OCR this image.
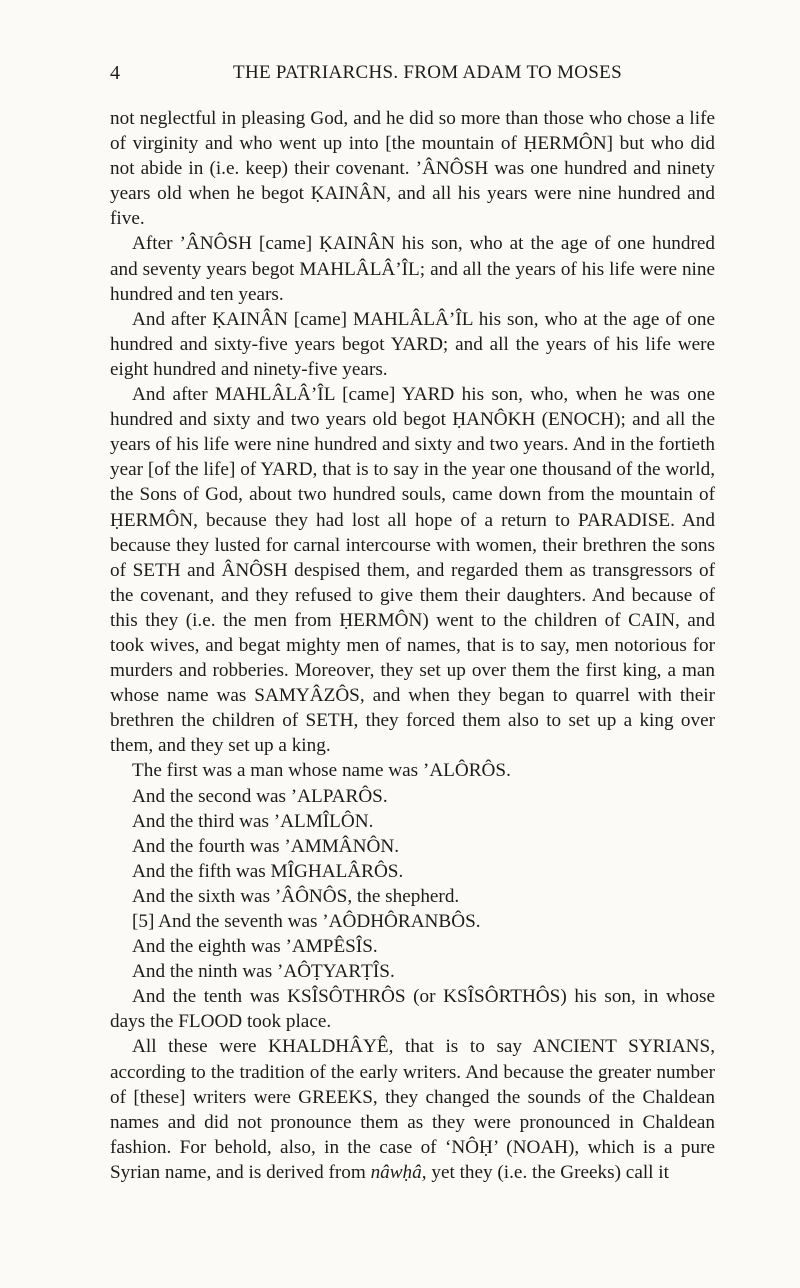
4	THE PATRIARCHS. FROM ADAM TO MOSES

not neglectful in pleasing God, and he did so more than those who chose a life of virginity and who went up into [the mountain of ḤERMÔN] but who did not abide in (i.e. keep) their covenant. ’ÂNÔSH was one hundred and ninety years old when he begot ḲAINÂN, and all his years were nine hundred and five.

After ’ÂNÔSH [came] ḲAINÂN his son, who at the age of one hundred and seventy years begot MAHLÂLÂ’ÎL; and all the years of his life were nine hundred and ten years.

And after ḲAINÂN [came] MAHLÂLÂ’ÎL his son, who at the age of one hundred and sixty-five years begot YARD; and all the years of his life were eight hundred and ninety-five years.

And after MAHLÂLÂ’ÎL [came] YARD his son, who, when he was one hundred and sixty and two years old begot ḤANÔKH (ENOCH); and all the years of his life were nine hundred and sixty and two years. And in the fortieth year [of the life] of YARD, that is to say in the year one thousand of the world, the Sons of God, about two hundred souls, came down from the mountain of ḤERMÔN, because they had lost all hope of a return to PARADISE. And because they lusted for carnal intercourse with women, their brethren the sons of SETH and ÂNÔSH despised them, and regarded them as transgressors of the covenant, and they refused to give them their daughters. And because of this they (i.e. the men from ḤERMÔN) went to the children of CAIN, and took wives, and begat mighty men of names, that is to say, men notorious for murders and robberies. Moreover, they set up over them the first king, a man whose name was SAMYÂZÔS, and when they began to quarrel with their brethren the children of SETH, they forced them also to set up a king over them, and they set up a king.

The first was a man whose name was ’ALÔRÔS.

And the second was ’ALPARÔS.

And the third was ’ALMÎLÔN.

And the fourth was ’AMMÂNÔN.

And the fifth was MÎGHALÂRÔS.

And the sixth was ’ÂÔNÔS, the shepherd.

[5] And the seventh was ’AÔDHÔRANBÔS.

And the eighth was ’AMPÊSÎS.

And the ninth was ’AÔṬYARṬÎS.

And the tenth was KSÎSÔTHRÔS (or KSÎSÔRTHÔS) his son, in whose days the FLOOD took place.

All these were KHALDHÂYÊ, that is to say ANCIENT SYRIANS, according to the tradition of the early writers. And because the greater number of [these] writers were GREEKS, they changed the sounds of the Chaldean names and did not pronounce them as they were pronounced in Chaldean fashion. For behold, also, in the case of ‘NÔḤ’ (NOAH), which is a pure Syrian name, and is derived from nâwḥâ, yet they (i.e. the Greeks) call it
